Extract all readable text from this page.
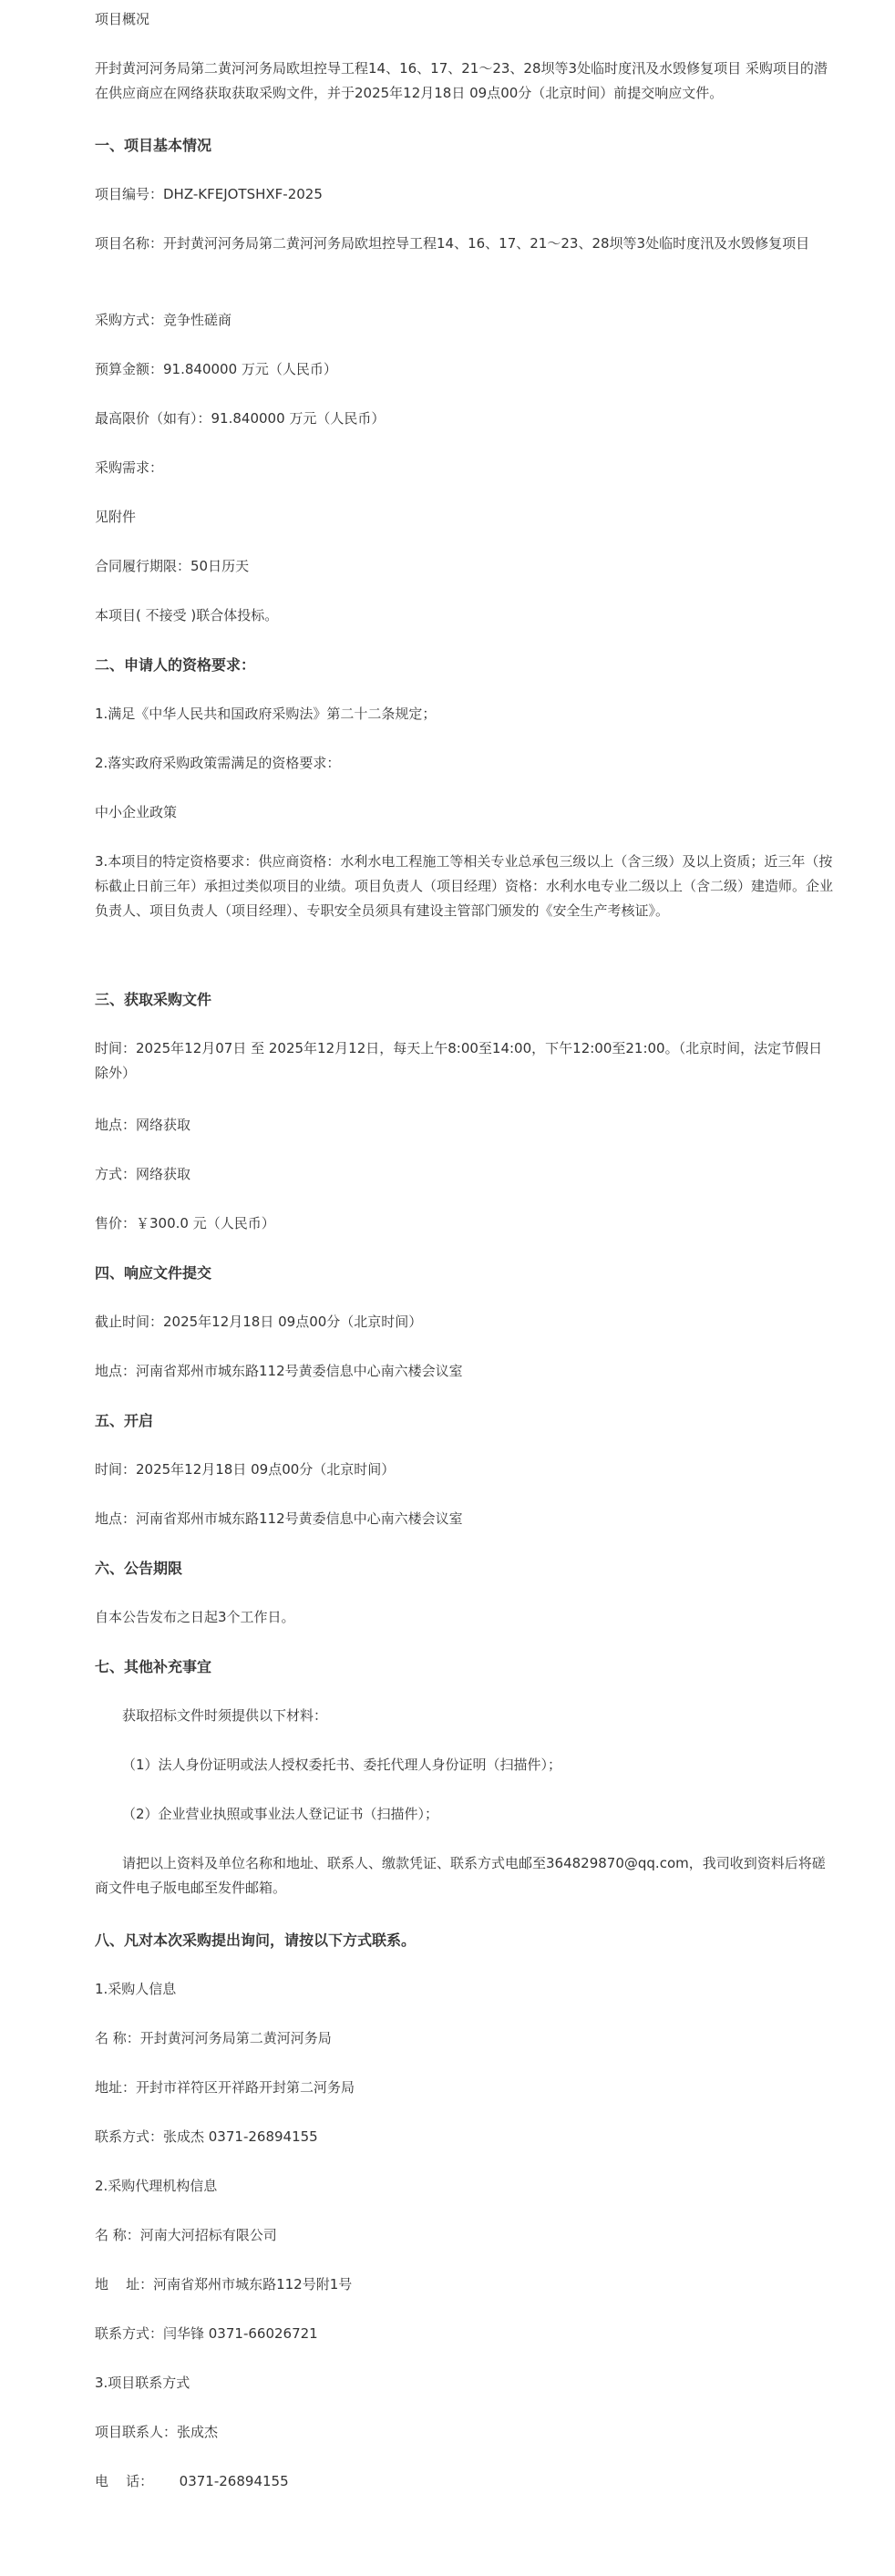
项目概况

开封黄河河务局第二黄河河务局欧坦控导工程14、16、17、21～23、28坝等3处临时度汛及水毁修复项目 采购项目的潜在供应商应在网络获取获取采购文件，并于2025年12月18日 09点00分（北京时间）前提交响应文件。

一、项目基本情况

项目编号：DHZ-KFEJOTSHXF-2025

项目名称：开封黄河河务局第二黄河河务局欧坦控导工程14、16、17、21～23、28坝等3处临时度汛及水毁修复项目

采购方式：竞争性磋商

预算金额：91.840000 万元（人民币）

最高限价（如有）：91.840000 万元（人民币）

采购需求：

见附件

合同履行期限：50日历天

本项目( 不接受 )联合体投标。

二、申请人的资格要求：

1.满足《中华人民共和国政府采购法》第二十二条规定；

2.落实政府采购政策需满足的资格要求：

中小企业政策

3.本项目的特定资格要求：供应商资格：水利水电工程施工等相关专业总承包三级以上（含三级）及以上资质；近三年（按标截止日前三年）承担过类似项目的业绩。项目负责人（项目经理）资格：水利水电专业二级以上（含二级）建造师。企业负责人、项目负责人（项目经理）、专职安全员须具有建设主管部门颁发的《安全生产考核证》。

三、获取采购文件

时间：2025年12月07日 至 2025年12月12日，每天上午8:00至14:00，下午12:00至21:00。（北京时间，法定节假日除外）

地点：网络获取

方式：网络获取

售价：￥300.0 元（人民币）

四、响应文件提交

截止时间：2025年12月18日 09点00分（北京时间）

地点：河南省郑州市城东路112号黄委信息中心南六楼会议室

五、开启

时间：2025年12月18日 09点00分（北京时间）

地点：河南省郑州市城东路112号黄委信息中心南六楼会议室

六、公告期限

自本公告发布之日起3个工作日。

七、其他补充事宜

获取招标文件时须提供以下材料：

（1）法人身份证明或法人授权委托书、委托代理人身份证明（扫描件）；

（2）企业营业执照或事业法人登记证书（扫描件）；

请把以上资料及单位名称和地址、联系人、缴款凭证、联系方式电邮至364829870@qq.com，我司收到资料后将磋商文件电子版电邮至发件邮箱。

八、凡对本次采购提出询问，请按以下方式联系。

1.采购人信息

名 称：开封黄河河务局第二黄河河务局

地址：开封市祥符区开祥路开封第二河务局

联系方式：张成杰 0371-26894155

2.采购代理机构信息

名 称：河南大河招标有限公司

地    址：河南省郑州市城东路112号附1号

联系方式：闫华锋 0371-66026721

3.项目联系方式

项目联系人：张成杰

电    话：      0371-26894155
